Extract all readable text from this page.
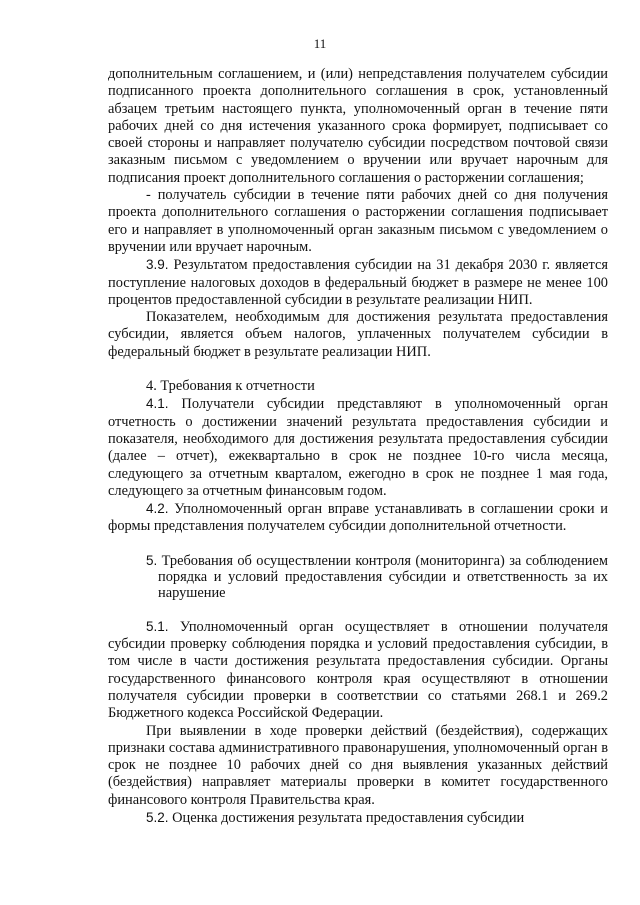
11

дополнительным соглашением, и (или) непредставления получателем субсидии подписанного проекта дополнительного соглашения в срок, установленный абзацем третьим настоящего пункта, уполномоченный орган в течение пяти рабочих дней со дня истечения указанного срока формирует, подписывает со своей стороны и направляет получателю субсидии посредством почтовой связи заказным письмом с уведомлением о вручении или вручает нарочным для подписания проект дополнительного соглашения о расторжении соглашения;

- получатель субсидии в течение пяти рабочих дней со дня получения проекта дополнительного соглашения о расторжении соглашения подписывает его и направляет в уполномоченный орган заказным письмом с уведомлением о вручении или вручает нарочным.

3.9. Результатом предоставления субсидии на 31 декабря 2030 г. является поступление налоговых доходов в федеральный бюджет в размере не менее 100 процентов предоставленной субсидии в результате реализации НИП.

Показателем, необходимым для достижения результата предоставления субсидии, является объем налогов, уплаченных получателем субсидии в федеральный бюджет в результате реализации НИП.

4. Требования к отчетности

4.1. Получатели субсидии представляют в уполномоченный орган отчетность о достижении значений результата предоставления субсидии и показателя, необходимого для достижения результата предоставления субсидии (далее – отчет), ежеквартально в срок не позднее 10-го числа месяца, следующего за отчетным кварталом, ежегодно в срок не позднее 1 мая года, следующего за отчетным финансовым годом.

4.2. Уполномоченный орган вправе устанавливать в соглашении сроки и формы представления получателем субсидии дополнительной отчетности.

5. Требования об осуществлении контроля (мониторинга) за соблюдением порядка и условий предоставления субсидии и ответственность за их нарушение

5.1. Уполномоченный орган осуществляет в отношении получателя субсидии проверку соблюдения порядка и условий предоставления субсидии, в том числе в части достижения результата предоставления субсидии. Органы государственного финансового контроля края осуществляют в отношении получателя субсидии проверки в соответствии со статьями 268.1 и 269.2 Бюджетного кодекса Российской Федерации.

При выявлении в ходе проверки действий (бездействия), содержащих признаки состава административного правонарушения, уполномоченный орган в срок не позднее 10 рабочих дней со дня выявления указанных действий (бездействия) направляет материалы проверки в комитет государственного финансового контроля Правительства края.

5.2. Оценка достижения результата предоставления субсидии
